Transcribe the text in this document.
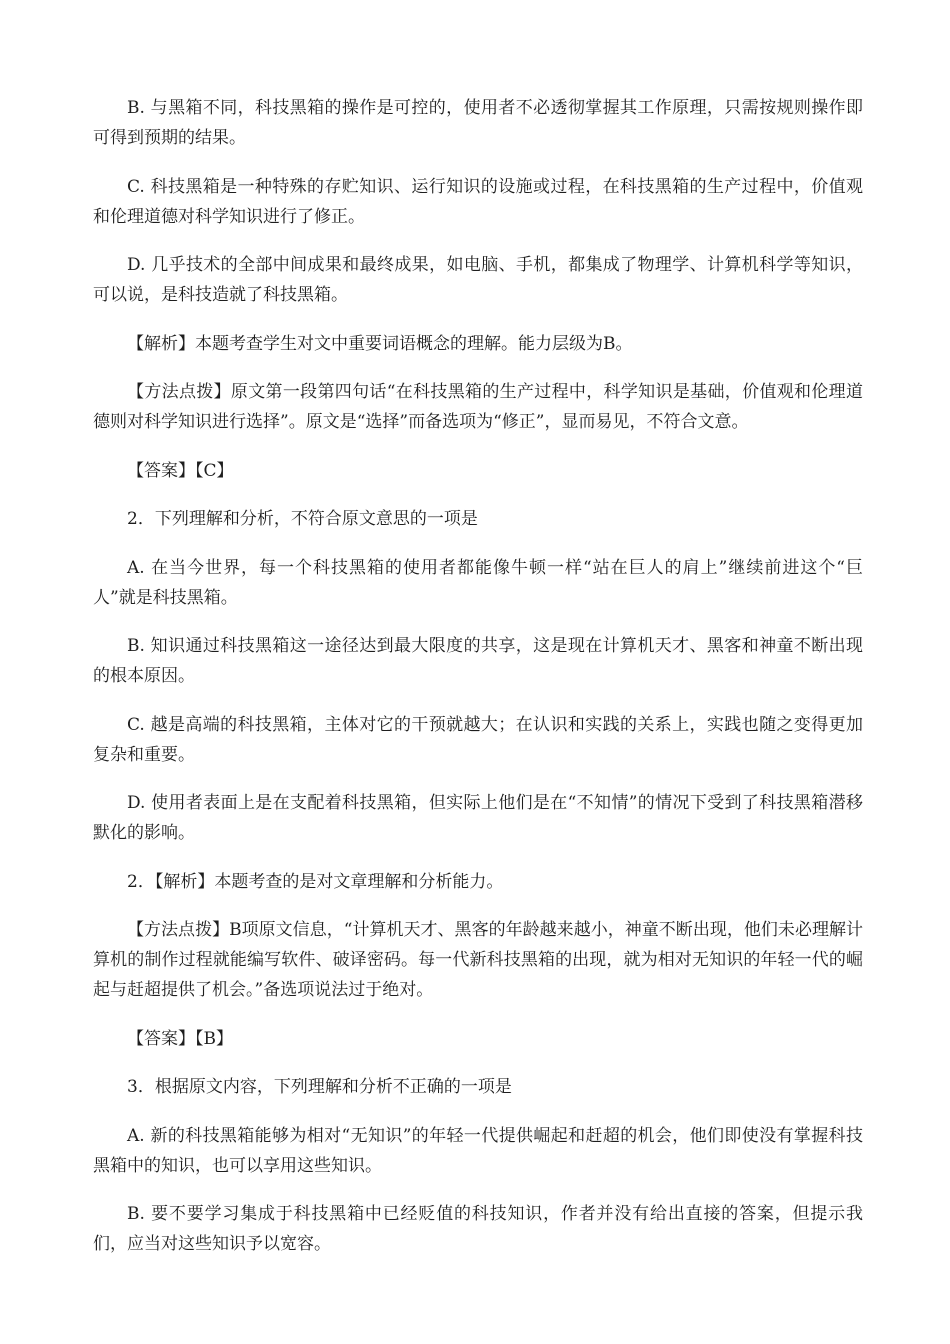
B. 与黑箱不同，科技黑箱的操作是可控的，使用者不必透彻掌握其工作原理，只需按规则操作即可得到预期的结果。

C. 科技黑箱是一种特殊的存贮知识、运行知识的设施或过程，在科技黑箱的生产过程中，价值观和伦理道德对科学知识进行了修正。

D. 几乎技术的全部中间成果和最终成果，如电脑、手机，都集成了物理学、计算机科学等知识，可以说，是科技造就了科技黑箱。

【解析】本题考查学生对文中重要词语概念的理解。能力层级为B。

【方法点拨】原文第一段第四句话“在科技黑箱的生产过程中，科学知识是基础，价值观和伦理道德则对科学知识进行选择”。原文是“选择”而备选项为“修正”，显而易见，不符合文意。

【答案】【C】

2．下列理解和分析，不符合原文意思的一项是

A. 在当今世界，每一个科技黑箱的使用者都能像牛顿一样“站在巨人的肩上”继续前进这个“巨人”就是科技黑箱。

B. 知识通过科技黑箱这一途径达到最大限度的共享，这是现在计算机天才、黑客和神童不断出现的根本原因。

C. 越是高端的科技黑箱，主体对它的干预就越大；在认识和实践的关系上，实践也随之变得更加复杂和重要。

D. 使用者表面上是在支配着科技黑箱，但实际上他们是在“不知情”的情况下受到了科技黑箱潜移默化的影响。

2．【解析】本题考查的是对文章理解和分析能力。

【方法点拨】B项原文信息，“计算机天才、黑客的年龄越来越小，神童不断出现，他们未必理解计算机的制作过程就能编写软件、破译密码。每一代新科技黑箱的出现，就为相对无知识的年轻一代的崛起与赶超提供了机会。”备选项说法过于绝对。

【答案】【B】

3．根据原文内容，下列理解和分析不正确的一项是

A. 新的科技黑箱能够为相对“无知识”的年轻一代提供崛起和赶超的机会，他们即使没有掌握科技黑箱中的知识，也可以享用这些知识。

B. 要不要学习集成于科技黑箱中已经贬值的科技知识，作者并没有给出直接的答案，但提示我们，应当对这些知识予以宽容。
